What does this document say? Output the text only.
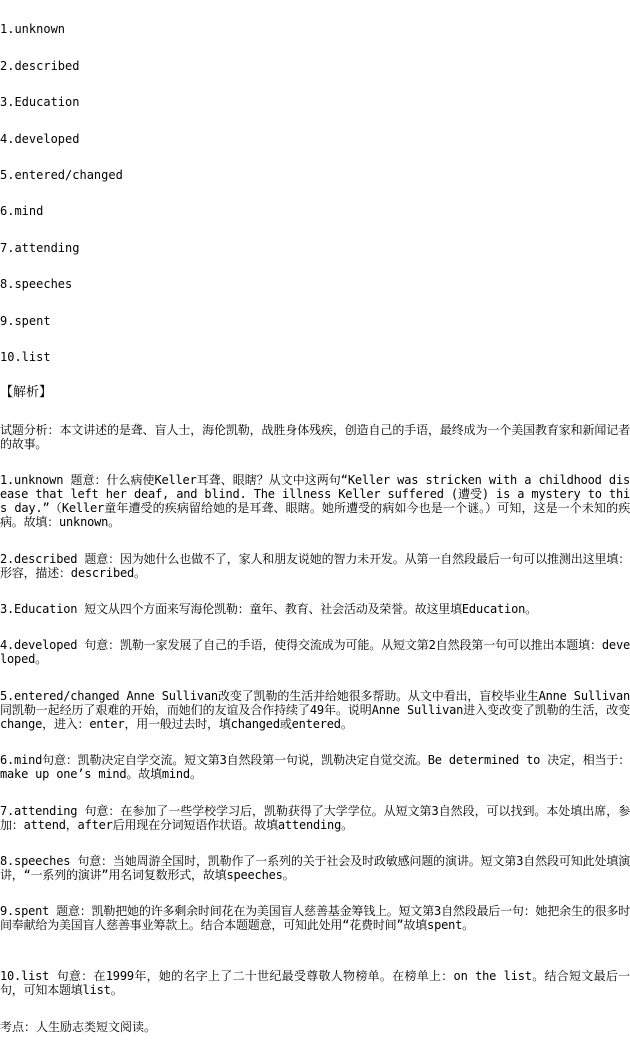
1.unknown
2.described
3.Education
4.developed
5.entered/changed
6.mind
7.attending
8.speeches
9.spent
10.list
【解析】
试题分析：本文讲述的是聋、盲人士，海伦凯勒，战胜身体残疾，创造自己的手语，最终成为一个美国教育家和新闻记者的故事。
1.unknown 题意：什么病使Keller耳聋、眼瞎？从文中这两句“Keller was stricken with a childhood disease that left her deaf, and blind. The illness Keller suffered (遭受) is a mystery to this day.”（Keller童年遭受的疾病留给她的是耳聋、眼瞎。她所遭受的病如今也是一个谜。）可知，这是一个未知的疾病。故填：unknown。
2.described 题意：因为她什么也做不了，家人和朋友说她的智力未开发。从第一自然段最后一句可以推测出这里填：形容，描述：described。
3.Education 短文从四个方面来写海伦凯勒：童年、教育、社会活动及荣誉。故这里填Education。
4.developed 句意：凯勒一家发展了自己的手语，使得交流成为可能。从短文第2自然段第一句可以推出本题填：developed。
5.entered/changed Anne Sullivan改变了凯勒的生活并给她很多帮助。从文中看出，盲校毕业生Anne Sullivan同凯勒一起经历了艰难的开始，而她们的友谊及合作持续了49年。说明Anne Sullivan进入变改变了凯勒的生活，改变change，进入：enter，用一般过去时，填changed或entered。
6.mind句意：凯勒决定自学交流。短文第3自然段第一句说，凯勒决定自觉交流。Be determined to 决定，相当于：make up one’s mind。故填mind。
7.attending 句意：在参加了一些学校学习后，凯勒获得了大学学位。从短文第3自然段，可以找到。本处填出席，参加：attend，after后用现在分词短语作状语。故填attending。
8.speeches 句意：当她周游全国时，凯勒作了一系列的关于社会及时政敏感问题的演讲。短文第3自然段可知此处填演讲，“一系列的演讲”用名词复数形式，故填speeches。
9.spent 题意：凯勒把她的许多剩余时间花在为美国盲人慈善基金筹钱上。短文第3自然段最后一句：她把余生的很多时间奉献给为美国盲人慈善事业筹款上。结合本题题意，可知此处用“花费时间”故填spent。
10.list 句意：在1999年，她的名字上了二十世纪最受尊敬人物榜单。在榜单上：on the list。结合短文最后一句，可知本题填list。
考点：人生励志类短文阅读。
